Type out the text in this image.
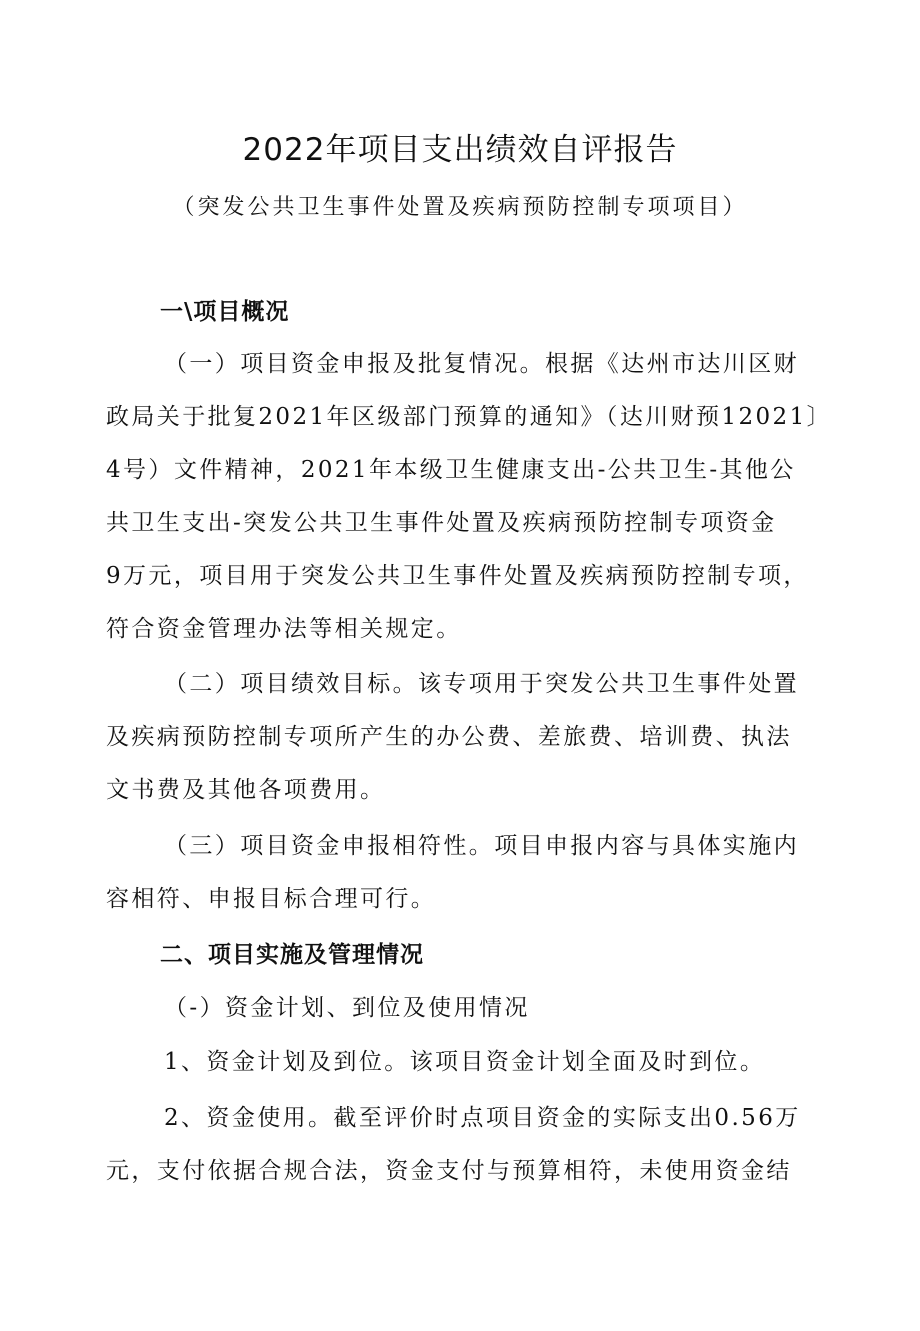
2022年项目支出绩效自评报告
（突发公共卫生事件处置及疾病预防控制专项项目）
一\项目概况
（一）项目资金申报及批复情况。根据《达州市达川区财
政局关于批复2021年区级部门预算的通知》（达川财预12021〕
4号）文件精神，2021年本级卫生健康支出-公共卫生-其他公
共卫生支出-突发公共卫生事件处置及疾病预防控制专项资金
9万元，项目用于突发公共卫生事件处置及疾病预防控制专项，
符合资金管理办法等相关规定。
（二）项目绩效目标。该专项用于突发公共卫生事件处置
及疾病预防控制专项所产生的办公费、差旅费、培训费、执法
文书费及其他各项费用。
（三）项目资金申报相符性。项目申报内容与具体实施内
容相符、申报目标合理可行。
二、项目实施及管理情况
（-）资金计划、到位及使用情况
1、资金计划及到位。该项目资金计划全面及时到位。
2、资金使用。截至评价时点项目资金的实际支出0.56万
元，支付依据合规合法，资金支付与预算相符，未使用资金结
